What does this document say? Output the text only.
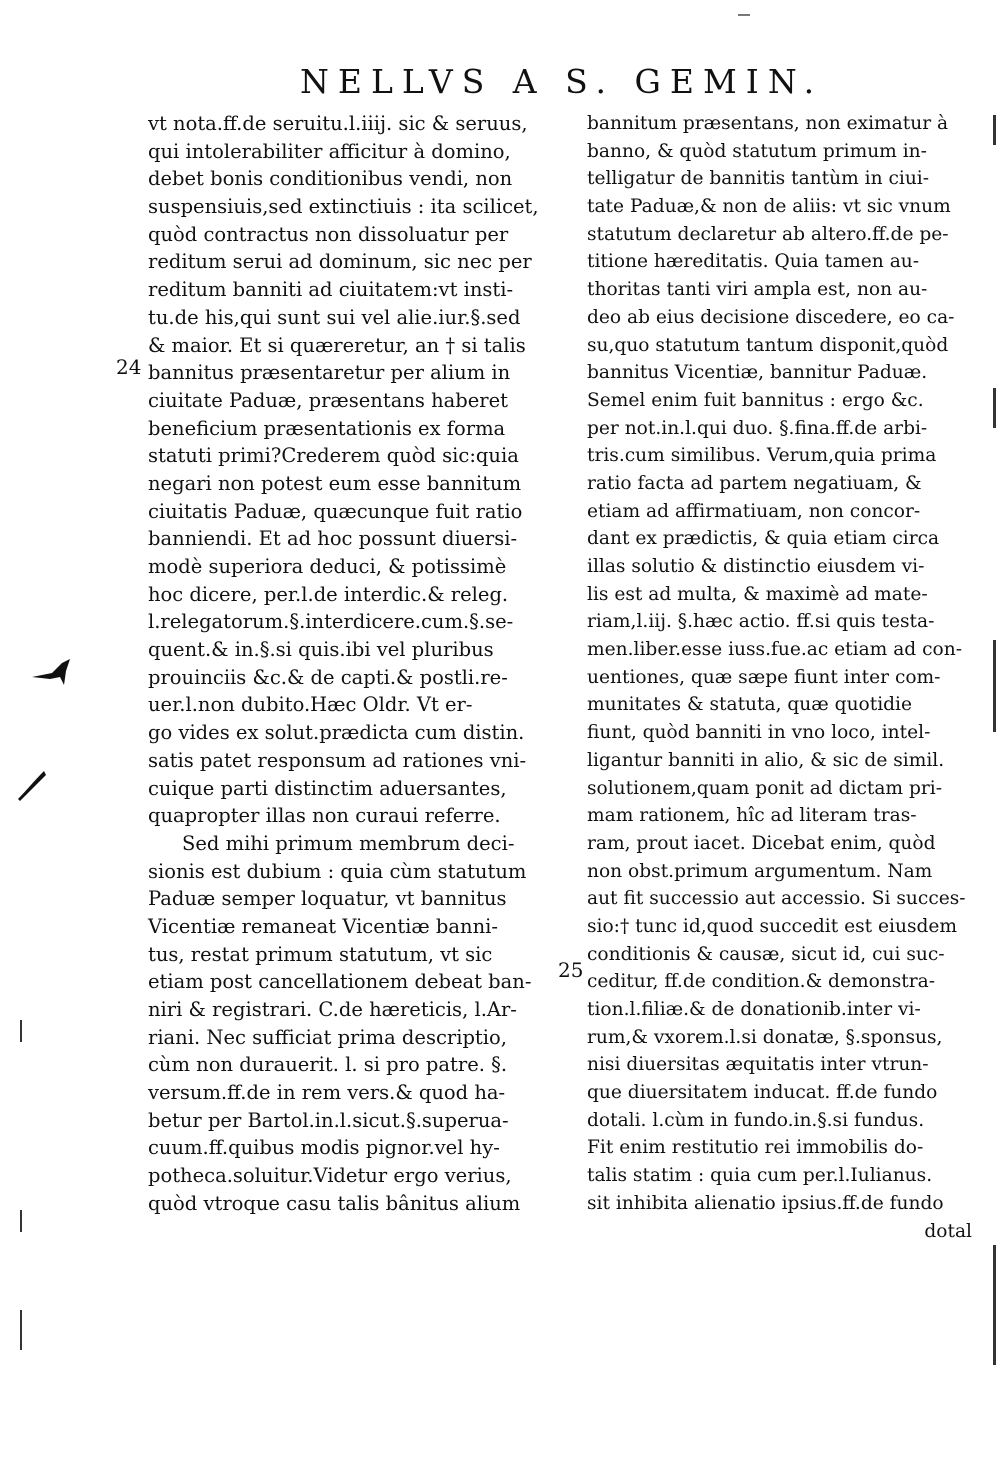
NELLVS A S. GEMIN.
24
25
vt nota.ff.de seruitu.l.iiij. sic & seruus,
qui intolerabiliter afficitur à domino,
debet bonis conditionibus vendi, non
suspensiuis,sed extinctiuis : ita scilicet,
quòd contractus non dissoluatur per
reditum serui ad dominum, sic nec per
reditum banniti ad ciuitatem:vt insti-
tu.de his,qui sunt sui vel alie.iur.§.sed
& maior. Et si quæreretur, an † si talis
bannitus præsentaretur per alium in
ciuitate Paduæ, præsentans haberet
beneficium præsentationis ex forma
statuti primi?Crederem quòd sic:quia
negari non potest eum esse bannitum
ciuitatis Paduæ, quæcunque fuit ratio
banniendi. Et ad hoc possunt diuersi-
modè superiora deduci, & potissimè
hoc dicere, per.l.de interdic.& releg.
l.relegatorum.§.interdicere.cum.§.se-
quent.& in.§.si quis.ibi vel pluribus
prouinciis &c.& de capti.& postli.re-
uer.l.non dubito.Hæc Oldr. Vt er-
go vides ex solut.prædicta cum distin.
satis patet responsum ad rationes vni-
cuique parti distinctim aduersantes,
quapropter illas non curaui referre.
Sed mihi primum membrum deci-
sionis est dubium : quia cùm statutum
Paduæ semper loquatur, vt bannitus
Vicentiæ remaneat Vicentiæ banni-
tus, restat primum statutum, vt sic
etiam post cancellationem debeat ban-
niri & registrari. C.de hæreticis, l.Ar-
riani. Nec sufficiat prima descriptio,
cùm non durauerit. l. si pro patre. §.
versum.ff.de in rem vers.& quod ha-
betur per Bartol.in.l.sicut.§.superua-
cuum.ff.quibus modis pignor.vel hy-
potheca.soluitur.Videtur ergo verius,
quòd vtroque casu talis bânitus alium
bannitum præsentans, non eximatur à
banno, & quòd statutum primum in-
telligatur de bannitis tantùm in ciui-
tate Paduæ,& non de aliis: vt sic vnum
statutum declaretur ab altero.ff.de pe-
titione hæreditatis. Quia tamen au-
thoritas tanti viri ampla est, non au-
deo ab eius decisione discedere, eo ca-
su,quo statutum tantum disponit,quòd
bannitus Vicentiæ, bannitur Paduæ.
Semel enim fuit bannitus : ergo &c.
per not.in.l.qui duo. §.fina.ff.de arbi-
tris.cum similibus. Verum,quia prima
ratio facta ad partem negatiuam, &
etiam ad affirmatiuam, non concor-
dant ex prædictis, & quia etiam circa
illas solutio & distinctio eiusdem vi-
lis est ad multa, & maximè ad mate-
riam,l.iij. §.hæc actio. ff.si quis testa-
men.liber.esse iuss.fue.ac etiam ad con-
uentiones, quæ sæpe fiunt inter com-
munitates & statuta, quæ quotidie
fiunt, quòd banniti in vno loco, intel-
ligantur banniti in alio, & sic de simil.
solutionem,quam ponit ad dictam pri-
mam rationem, hîc ad literam tras-
ram, prout iacet. Dicebat enim, quòd
non obst.primum argumentum. Nam
aut fit successio aut accessio. Si succes-
sio:† tunc id,quod succedit est eiusdem
conditionis & causæ, sicut id, cui suc-
ceditur, ff.de condition.& demonstra-
tion.l.filiæ.& de donationib.inter vi-
rum,& vxorem.l.si donatæ, §.sponsus,
nisi diuersitas æquitatis inter vtrun-
que diuersitatem inducat. ff.de fundo
dotali. l.cùm in fundo.in.§.si fundus.
Fit enim restitutio rei immobilis do-
talis statim : quia cum per.l.Iulianus.
sit inhibita alienatio ipsius.ff.de fundo
dotal
